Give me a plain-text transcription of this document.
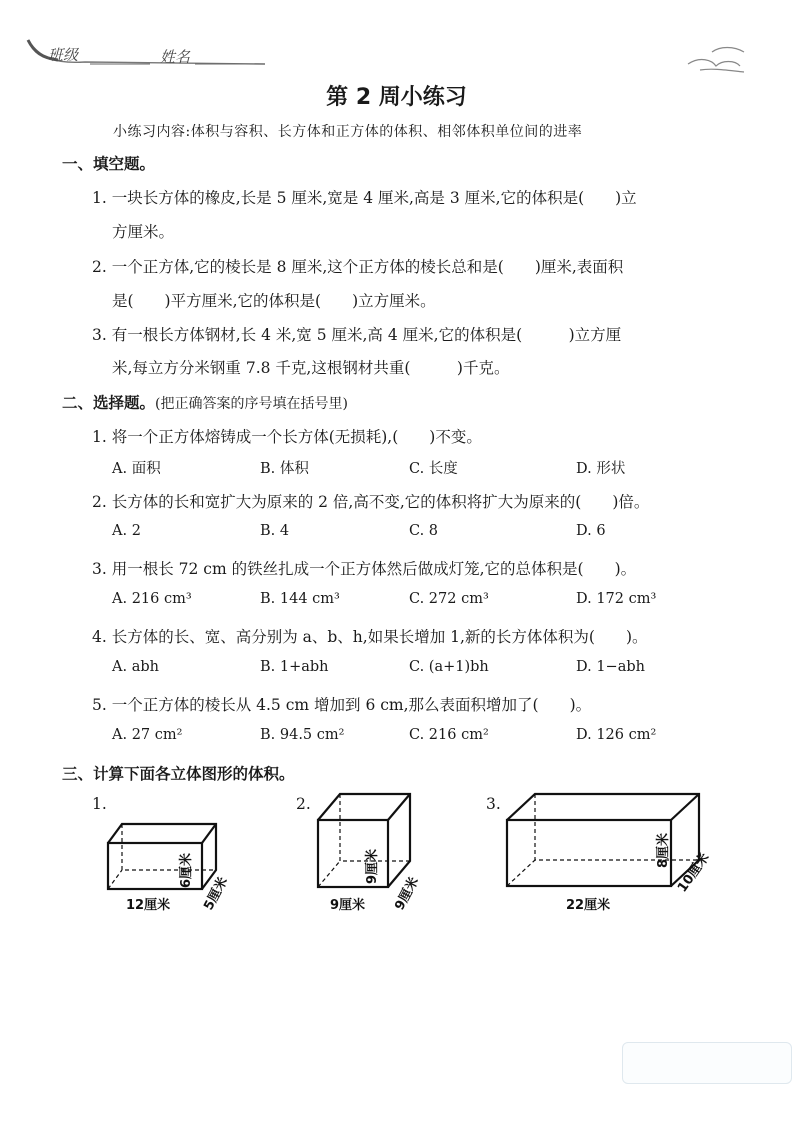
班级	姓名
第 2 周小练习
小练习内容:体积与容积、长方体和正方体的体积、相邻体积单位间的进率
一、填空题。
1. 一块长方体的橡皮,长是 5 厘米,宽是 4 厘米,高是 3 厘米,它的体积是(　　)立
方厘米。
2. 一个正方体,它的棱长是 8 厘米,这个正方体的棱长总和是(　　)厘米,表面积
是(　　)平方厘米,它的体积是(　　)立方厘米。
3. 有一根长方体钢材,长 4 米,宽 5 厘米,高 4 厘米,它的体积是(　　　)立方厘
米,每立方分米钢重 7.8 千克,这根钢材共重(　　　)千克。
二、选择题。(把正确答案的序号填在括号里)
1. 将一个正方体熔铸成一个长方体(无损耗),(　　)不变。
A. 面积	B. 体积	C. 长度	D. 形状
2. 长方体的长和宽扩大为原来的 2 倍,高不变,它的体积将扩大为原来的(　　)倍。
A. 2	B. 4	C. 8	D. 6
3. 用一根长 72 cm 的铁丝扎成一个正方体然后做成灯笼,它的总体积是(　　)。
A. 216 cm³	B. 144 cm³	C. 272 cm³	D. 172 cm³
4. 长方体的长、宽、高分别为 a、b、h,如果长增加 1,新的长方体体积为(　　)。
A. abh	B. 1+abh	C. (a+1)bh	D. 1−abh
5. 一个正方体的棱长从 4.5 cm 增加到 6 cm,那么表面积增加了(　　)。
A. 27 cm²	B. 94.5 cm²	C. 216 cm²	D. 126 cm²
三、计算下面各立体图形的体积。
1.	2.	3.
12厘米 5厘米
6厘米
9厘米 9厘米
9厘米
22厘米
10厘米
8厘米
